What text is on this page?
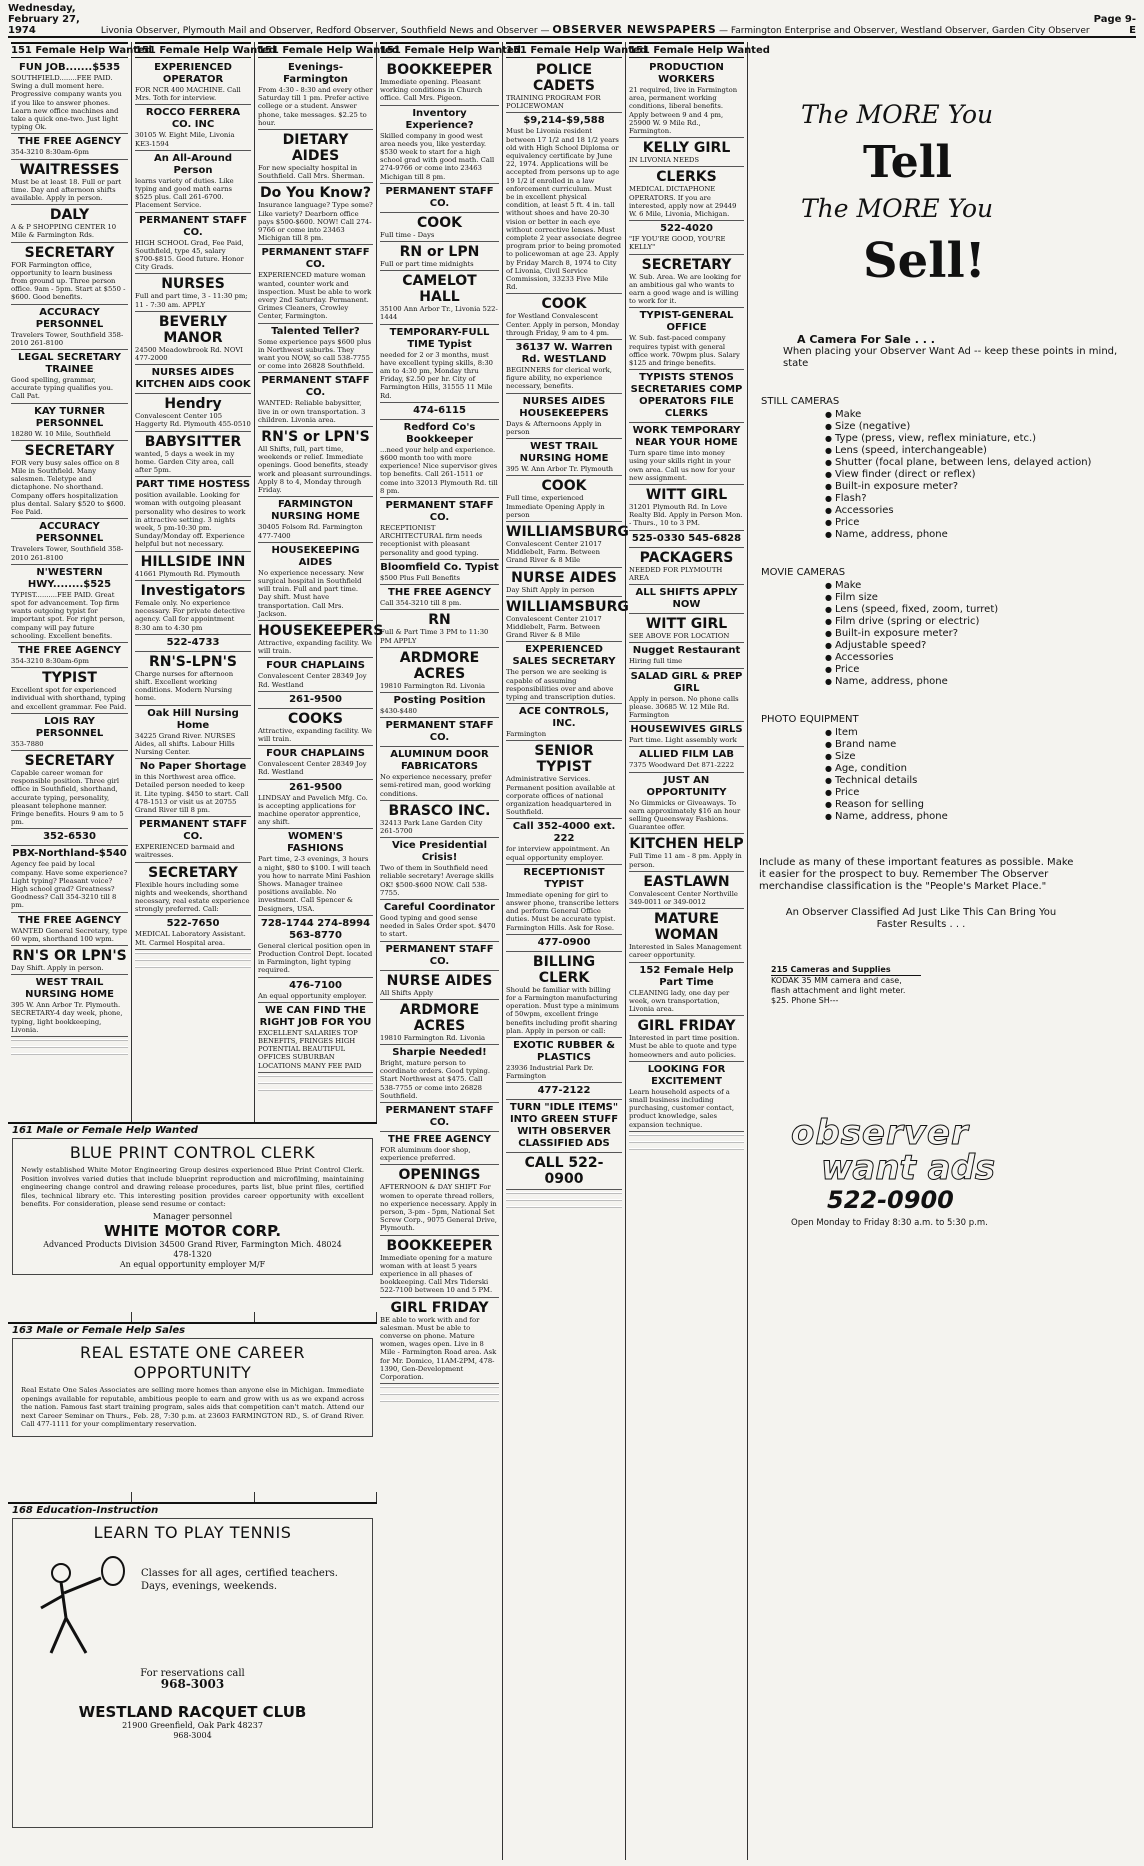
Wednesday, February 27, 1974	Livonia Observer, Plymouth Mail and Observer, Redford Observer, Southfield News and Observer — OBSERVER NEWSPAPERS — Farmington Enterprise and Observer, Westland Observer, Garden City Observer
Page 9-E
151 Female Help Wanted
FUN JOB.......$535
SOUTHFIELD........FEE PAID. Swing a dull moment here. Progressive company wants you if you like to answer phones. Learn new office machines and take a quick one-two. Just light typing Ok.
THE FREE AGENCY
354-3210 8:30am-6pm
WAITRESSES
Must be at least 18. Full or part time. Day and afternoon shifts available. Apply in person.
DALY
A & P SHOPPING CENTER 10 Mile & Farmington Rds.
SECRETARY
FOR Farmington office, opportunity to learn business from ground up. Three person office. 9am - 5pm. Start at $550 - $600. Good benefits.
ACCURACY PERSONNEL
Travelers Tower, Southfield 358-2010 261-8100
LEGAL SECRETARY TRAINEE
Good spelling, grammar, accurate typing qualifies you. Call Pat.
KAY TURNER PERSONNEL
18280 W. 10 Mile, Southfield
SECRETARY
FOR very busy sales office on 8 Mile in Southfield. Many salesmen. Teletype and dictaphone. No shorthand. Company offers hospitalization plus dental. Salary $520 to $600. Fee Paid.
ACCURACY PERSONNEL
Travelers Tower, Southfield 358-2010 261-8100
N'WESTERN HWY........$525
TYPIST..........FEE PAID. Great spot for advancement. Top firm wants outgoing typist for important spot. For right person, company will pay future schooling. Excellent benefits.
THE FREE AGENCY
354-3210 8:30am-6pm
TYPIST
Excellent spot for experienced individual with shorthand, typing and excellent grammar. Fee Paid.
LOIS RAY PERSONNEL
353-7880
SECRETARY
Capable career woman for responsible position. Three girl office in Southfield, shorthand, accurate typing, personality, pleasant telephone manner. Fringe benefits. Hours 9 am to 5 pm.
352-6530
PBX-Northland-$540
Agency fee paid by local company. Have some experience? Light typing? Pleasant voice? High school grad? Greatness? Goodness? Call 354-3210 till 8 pm.
THE FREE AGENCY
WANTED General Secretary, type 60 wpm, shorthand 100 wpm.
RN'S OR LPN'S
Day Shift. Apply in person.
WEST TRAIL NURSING HOME
395 W. Ann Arbor Tr. Plymouth. SECRETARY-4 day week, phone, typing, light bookkeeping, Livonia.
151 Female Help Wanted
EXPERIENCED OPERATOR
FOR NCR 400 MACHINE. Call Mrs. Toth for interview.
ROCCO FERRERA CO. INC
30105 W. Eight Mile, Livonia KE3-1594
An All-Around Person
learns variety of duties. Like typing and good math earns $525 plus. Call 261-6700. Placement Service.
PERMANENT STAFF CO.
HIGH SCHOOL Grad, Fee Paid, Southfield, type 45, salary $700-$815. Good future. Honor City Grads.
NURSES
Full and part time, 3 - 11:30 pm; 11 - 7:30 am. APPLY
BEVERLY MANOR
24500 Meadowbrook Rd. NOVI 477-2000
NURSES AIDES KITCHEN AIDS COOK
Hendry
Convalescent Center 105 Haggerty Rd. Plymouth 455-0510
BABYSITTER
wanted, 5 days a week in my home. Garden City area, call after 5pm.
PART TIME HOSTESS
position available. Looking for woman with outgoing pleasant personality who desires to work in attractive setting. 3 nights week, 5 pm-10:30 pm. Sunday/Monday off. Experience helpful but not necessary.
HILLSIDE INN
41661 Plymouth Rd. Plymouth
Investigators
Female only. No experience necessary. For private detective agency. Call for appointment 8:30 am to 4:30 pm
522-4733
RN'S-LPN'S
Charge nurses for afternoon shift. Excellent working conditions. Modern Nursing home.
Oak Hill Nursing Home
34225 Grand River. NURSES Aides, all shifts. Labour Hills Nursing Center.
No Paper Shortage
in this Northwest area office. Detailed person needed to keep it. Lite typing. $450 to start. Call 478-1513 or visit us at 20755 Grand River till 8 pm.
PERMANENT STAFF CO.
EXPERIENCED barmaid and waitresses.
SECRETARY
Flexible hours including some nights and weekends, shorthand necessary, real estate experience strongly preferred. Call:
522-7650
MEDICAL Laboratory Assistant. Mt. Carmel Hospital area.
151 Female Help Wanted
Evenings-Farmington
From 4:30 - 8:30 and every other Saturday till 1 pm. Prefer active college or a student. Answer phone, take messages. $2.25 to hour.
DIETARY AIDES
For new specialty hospital in Southfield. Call Mrs. Sherman.
Do You Know?
Insurance language? Type some? Like variety? Dearborn office pays $500-$600. NOW! Call 274-9766 or come into 23463 Michigan till 8 pm.
PERMANENT STAFF CO.
EXPERIENCED mature woman wanted, counter work and inspection. Must be able to work every 2nd Saturday. Permanent. Grimes Cleaners, Crowley Center, Farmington.
Talented Teller?
Some experience pays $600 plus in Northwest suburbs. They want you NOW, so call 538-7755 or come into 26828 Southfield.
PERMANENT STAFF CO.
WANTED: Reliable babysitter, live in or own transportation. 3 children. Livonia area.
RN'S or LPN'S
All Shifts, full, part time, weekends or relief. Immediate openings. Good benefits, steady work and pleasant surroundings. Apply 8 to 4, Monday through Friday.
FARMINGTON NURSING HOME
30405 Folsom Rd. Farmington 477-7400
HOUSEKEEPING AIDES
No experience necessary. New surgical hospital in Southfield will train. Full and part time. Day shift. Must have transportation. Call Mrs. Jackson.
HOUSEKEEPERS
Attractive, expanding facility. We will train.
FOUR CHAPLAINS
Convalescent Center 28349 Joy Rd. Westland
261-9500
COOKS
Attractive, expanding facility. We will train.
FOUR CHAPLAINS
Convalescent Center 28349 Joy Rd. Westland
261-9500
LINDSAY and Pavelich Mfg. Co. is accepting applications for machine operator apprentice, any shift.
WOMEN'S FASHIONS
Part time, 2-3 evenings, 3 hours a night, $80 to $100. I will teach you how to narrate Mini Fashion Shows. Manager trainee positions available. No investment. Call Spencer & Designers, USA.
728-1744 274-8994 563-8770
General clerical position open in Production Control Dept. located in Farmington, light typing required.
476-7100
An equal opportunity employer.
WE CAN FIND THE RIGHT JOB FOR YOU
EXCELLENT SALARIES TOP BENEFITS, FRINGES HIGH POTENTIAL BEAUTIFUL OFFICES SUBURBAN LOCATIONS MANY FEE PAID
151 Female Help Wanted
BOOKKEEPER
Immediate opening. Pleasant working conditions in Church office. Call Mrs. Pigeon.
Inventory Experience?
Skilled company in good west area needs you, like yesterday. $530 week to start for a high school grad with good math. Call 274-9766 or come into 23463 Michigan till 8 pm.
PERMANENT STAFF CO.
COOK
Full time - Days
RN or LPN
Full or part time midnights
CAMELOT HALL
35100 Ann Arbor Tr., Livonia 522-1444
TEMPORARY-FULL TIME Typist
needed for 2 or 3 months, must have excellent typing skills, 8:30 am to 4:30 pm, Monday thru Friday, $2.50 per hr. City of Farmington Hills, 31555 11 Mile Rd.
474-6115
Redford Co's Bookkeeper
...need your help and experience. $600 month too with more experience! Nice supervisor gives top benefits. Call 261-1511 or come into 32013 Plymouth Rd. till 8 pm.
PERMANENT STAFF CO.
RECEPTIONIST ARCHITECTURAL firm needs receptionist with pleasant personality and good typing.
Bloomfield Co. Typist
$500 Plus Full Benefits
THE FREE AGENCY
Call 354-3210 till 8 pm.
RN
Full & Part Time 3 PM to 11:30 PM APPLY
ARDMORE ACRES
19810 Farmington Rd. Livonia
Posting Position
$430-$480
PERMANENT STAFF CO.
ALUMINUM DOOR FABRICATORS
No experience necessary, prefer semi-retired man, good working conditions.
BRASCO INC.
32413 Park Lane Garden City 261-5700
Vice Presidential Crisis!
Two of them in Southfield need reliable secretary! Average skills OK! $500-$600 NOW. Call 538-7755.
Careful Coordinator
Good typing and good sense needed in Sales Order spot. $470 to start.
PERMANENT STAFF CO.
NURSE AIDES
All Shifts Apply
ARDMORE ACRES
19810 Farmington Rd. Livonia
Sharpie Needed!
Bright, mature person to coordinate orders. Good typing. Start Northwest at $475. Call 538-7755 or come into 26828 Southfield.
PERMANENT STAFF CO.
THE FREE AGENCY
FOR aluminum door shop, experience preferred.
OPENINGS
AFTERNOON & DAY SHIFT For women to operate thread rollers, no experience necessary. Apply in person, 3-pm - 5pm, National Set Screw Corp., 9075 General Drive, Plymouth.
BOOKKEEPER
Immediate opening for a mature woman with at least 5 years experience in all phases of bookkeeping. Call Mrs Tiderski 522-7100 between 10 and 5 PM.
GIRL FRIDAY
BE able to work with and for salesman. Must be able to converse on phone. Mature women, wages open. Live in 8 Mile - Farmington Road area. Ask for Mr. Domico, 11AM-2PM, 478-1390, Gen-Development Corporation.
151 Female Help Wanted
POLICE CADETS
TRAINING PROGRAM FOR POLICEWOMAN
$9,214-$9,588
Must be Livonia resident between 17 1/2 and 18 1/2 years old with High School Diploma or equivalency certificate by June 22, 1974. Applications will be accepted from persons up to age 19 1/2 if enrolled in a law enforcement curriculum. Must be in excellent physical condition, at least 5 ft. 4 in. tall without shoes and have 20-30 vision or better in each eye without corrective lenses. Must complete 2 year associate degree program prior to being promoted to policewoman at age 23. Apply by Friday March 8, 1974 to City of Livonia, Civil Service Commission, 33233 Five Mile Rd.
COOK
for Westland Convalescent Center. Apply in person, Monday through Friday, 9 am to 4 pm.
36137 W. Warren Rd. WESTLAND
BEGINNERS for clerical work, figure ability, no experience necessary, benefits.
NURSES AIDES HOUSEKEEPERS
Days & Afternoons Apply in person
WEST TRAIL NURSING HOME
395 W. Ann Arbor Tr. Plymouth
COOK
Full time, experienced Immediate Opening Apply in person
WILLIAMSBURG
Convalescent Center 21017 Middlebelt, Farm. Between Grand River & 8 Mile
NURSE AIDES
Day Shift Apply in person
WILLIAMSBURG
Convalescent Center 21017 Middlebelt, Farm. Between Grand River & 8 Mile
EXPERIENCED SALES SECRETARY
The person we are seeking is capable of assuming responsibilities over and above typing and transcription duties.
ACE CONTROLS, INC.
Farmington
SENIOR TYPIST
Administrative Services. Permanent position available at corporate offices of national organization headquartered in Southfield.
Call 352-4000 ext. 222
for interview appointment. An equal opportunity employer.
RECEPTIONIST TYPIST
Immediate opening for girl to answer phone, transcribe letters and perform General Office duties. Must be accurate typist. Farmington Hills. Ask for Rose.
477-0900
BILLING CLERK
Should be familiar with billing for a Farmington manufacturing operation. Must type a minimum of 50wpm, excellent fringe benefits including profit sharing plan. Apply in person or call:
EXOTIC RUBBER & PLASTICS
23936 Industrial Park Dr. Farmington
477-2122
TURN "IDLE ITEMS" INTO GREEN STUFF WITH OBSERVER CLASSIFIED ADS
CALL 522-0900
151 Female Help Wanted
PRODUCTION WORKERS
21 required, live in Farmington area, permanent working conditions, liberal benefits. Apply between 9 and 4 pm, 25900 W. 9 Mile Rd., Farmington.
KELLY GIRL
IN LIVONIA NEEDS
CLERKS
MEDICAL DICTAPHONE OPERATORS. If you are interested, apply now at 29449 W. 6 Mile, Livonia, Michigan.
522-4020
"IF YOU'RE GOOD, YOU'RE KELLY"
SECRETARY
W. Sub. Area. We are looking for an ambitious gal who wants to earn a good wage and is willing to work for it.
TYPIST-GENERAL OFFICE
W. Sub. fast-paced company requires typist with general office work. 70wpm plus. Salary $125 and fringe benefits.
TYPISTS STENOS SECRETARIES COMP OPERATORS FILE CLERKS
WORK TEMPORARY NEAR YOUR HOME
Turn spare time into money using your skills right in your own area. Call us now for your new assignment.
WITT GIRL
31201 Plymouth Rd. In Love Realty Bld. Apply in Person Mon. - Thurs., 10 to 3 PM.
525-0330 545-6828
PACKAGERS
NEEDED FOR PLYMOUTH AREA
ALL SHIFTS APPLY NOW
WITT GIRL
SEE ABOVE FOR LOCATION
Nugget Restaurant
Hiring full time
SALAD GIRL & PREP GIRL
Apply in person. No phone calls please. 30685 W. 12 Mile Rd. Farmington
HOUSEWIVES GIRLS
Part time. Light assembly work
ALLIED FILM LAB
7375 Woodward Det 871-2222
JUST AN OPPORTUNITY
No Gimmicks or Giveaways. To earn approximately $16 an hour selling Queensway Fashions. Guarantee offer.
KITCHEN HELP
Full Time 11 am - 8 pm. Apply in person.
EASTLAWN
Convalescent Center Northville 349-0011 or 349-0012
MATURE WOMAN
Interested in Sales Management career opportunity.
152 Female Help Part Time
CLEANING lady, one day per week, own transportation, Livonia area.
GIRL FRIDAY
Interested in part time position. Must be able to quote and type homeowners and auto policies.
LOOKING FOR EXCITEMENT
Learn household aspects of a small business including purchasing, customer contact, product knowledge, sales expansion technique.
161 Male or Female Help Wanted
BLUE PRINT CONTROL CLERK

Newly established White Motor Engineering Group desires experienced Blue Print Control Clerk. Position involves varied duties that include blueprint reproduction and microfilming, maintaining engineering change control and drawing release procedures, parts list, blue print files, certified files, technical library etc. This interesting position provides career opportunity with excellent benefits. For consideration, please send resume or contact:

Manager personnel
WHITE MOTOR CORP.
Advanced Products Division 34500 Grand River, Farmington Mich. 48024
478-1320
An equal opportunity employer M/F
163 Male or Female Help Sales
REAL ESTATE ONE CAREER OPPORTUNITY

Real Estate One Sales Associates are selling more homes than anyone else in Michigan. Immediate openings available for reputable, ambitious people to earn and grow with us as we expand across the nation. Famous fast start training program, sales aids that competition can't match. Attend our next Career Seminar on Thurs., Feb. 28, 7:30 p.m. at 23603 FARMINGTON RD., S. of Grand River. Call 477-1111 for your complimentary reservation.

168 Education-Instruction
LEARN TO PLAY TENNIS
Classes for all ages, certified teachers. Days, evenings, weekends.
For reservations call
968-3003
WESTLAND RACQUET CLUB
21900 Greenfield, Oak Park 48237
968-3004
The MORE You
Tell
The MORE You
Sell!
A Camera For Sale . . .
When placing your Observer Want Ad -- keep these points in mind, state
STILL CAMERAS
● Make
● Size (negative)
● Type (press, view, reflex miniature, etc.)
● Lens (speed, interchangeable)
● Shutter (focal plane, between lens, delayed action)
● View finder (direct or reflex)
● Built-in exposure meter?
● Flash?
● Accessories
● Price
● Name, address, phone
MOVIE CAMERAS
● Make
● Film size
● Lens (speed, fixed, zoom, turret)
● Film drive (spring or electric)
● Built-in exposure meter?
● Adjustable speed?
● Accessories
● Price
● Name, address, phone
PHOTO EQUIPMENT
● Item
● Brand name
● Size
● Age, condition
● Technical details
● Price
● Reason for selling
● Name, address, phone
Include as many of these important features as possible. Make it easier for the prospect to buy. Remember The Observer merchandise classification is the "People's Market Place."
An Observer Classified Ad Just Like This Can Bring You Faster Results . . .
215 Cameras and Supplies
KODAK 35 MM camera and case, flash attachment and light meter. $25. Phone SH---
observer
want ads
522-0900
Open Monday to Friday 8:30 a.m. to 5:30 p.m.
